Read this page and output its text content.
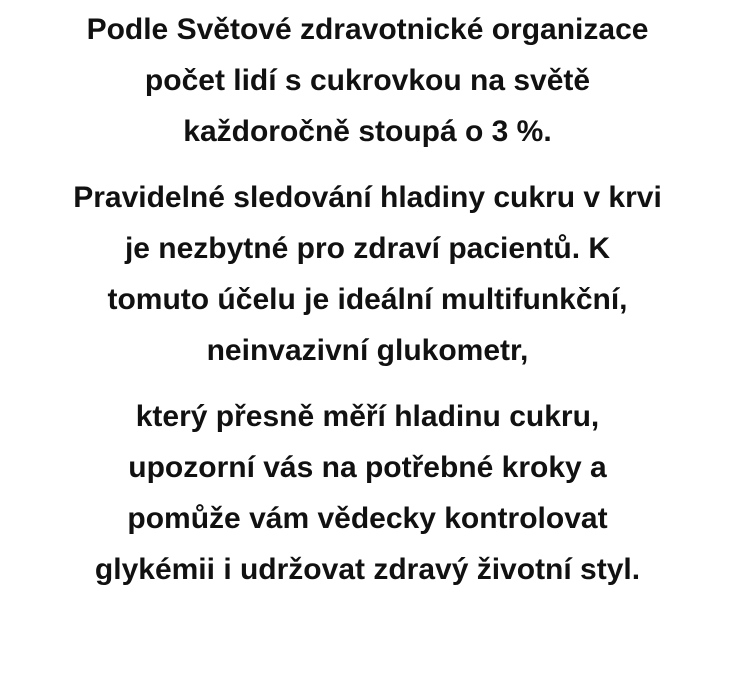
Podle Světové zdravotnické organizace
počet lidí s cukrovkou na světě
každoročně stoupá o 3 %.

Pravidelné sledování hladiny cukru v krvi
je nezbytné pro zdraví pacientů. K
tomuto účelu je ideální multifunkční,
neinvazivní glukometr,

který přesně měří hladinu cukru,
upozorní vás na potřebné kroky a
pomůže vám vědecky kontrolovat
glykémii i udržovat zdravý životní styl.
